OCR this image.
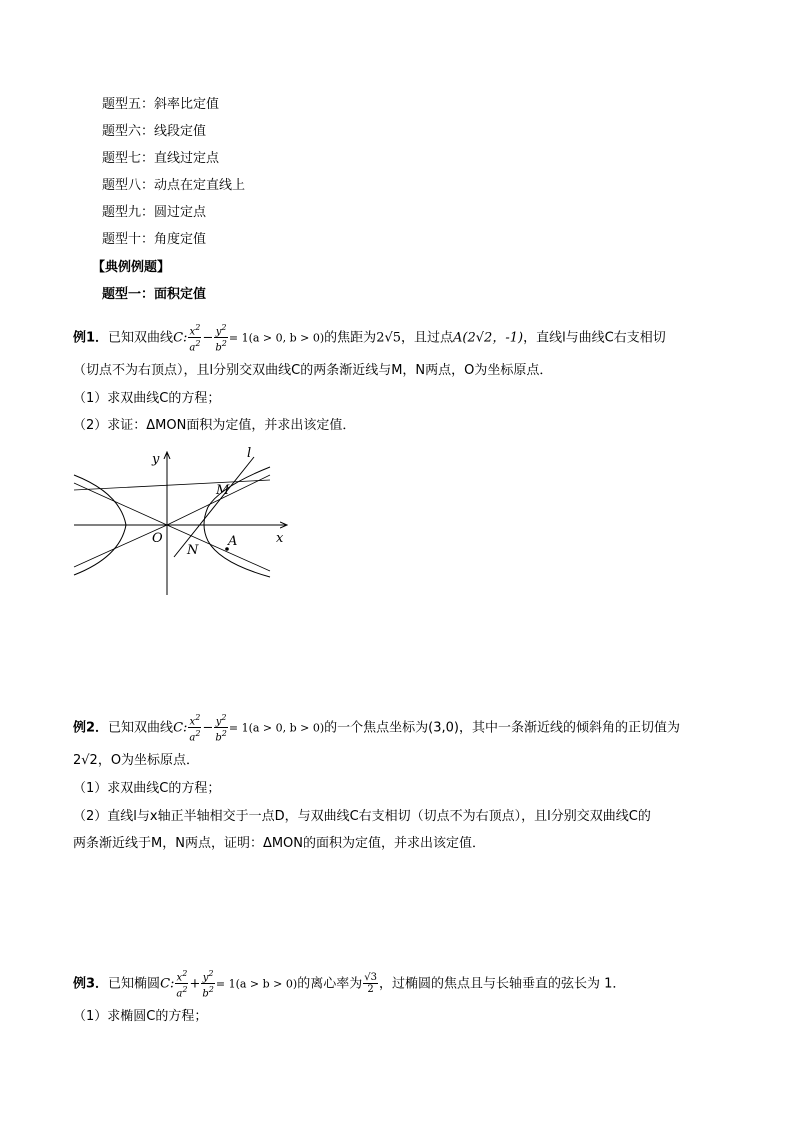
题型五：斜率比定值
题型六：线段定值
题型七：直线过定点
题型八：动点在定直线上
题型九：圆过定点
题型十：角度定值
【典例例题】
题型一：面积定值
例1．已知双曲线C: $\frac{x^2}{a^2} - \frac{y^2}{b^2} = 1(a > 0$, b > 0)的焦距为2√5，且过点A(2√2，-1)，直线l与曲线C右支相切
（切点不为右顶点），且l分别交双曲线C的两条渐近线与M，N两点，O为坐标原点．
（1）求双曲线C的方程；
（2）求证：ΔMON面积为定值，并求出该定值．
y	l
M
O
N
A	x
例2．已知双曲线C: $\frac{x^2}{a^2} - \frac{y^2}{b^2} = 1(a > 0$, b > 0)的一个焦点坐标为(3,0)，其中一条渐近线的倾斜角的正切值为
2√2，O为坐标原点．
（1）求双曲线C的方程；
（2）直线l与x轴正半轴相交于一点D，与双曲线C右支相切（切点不为右顶点），且l分别交双曲线C的
两条渐近线于M，N两点，证明：ΔMON的面积为定值，并求出该定值．
例3．已知椭圆C: $\frac{x^2}{a^2} + \frac{y^2}{b^2} = 1(a > b > 0)$的离心率为 $\frac{√3}{2}$ ，过椭圆的焦点且与长轴垂直的弦长为 1．
（1）求椭圆C的方程；
